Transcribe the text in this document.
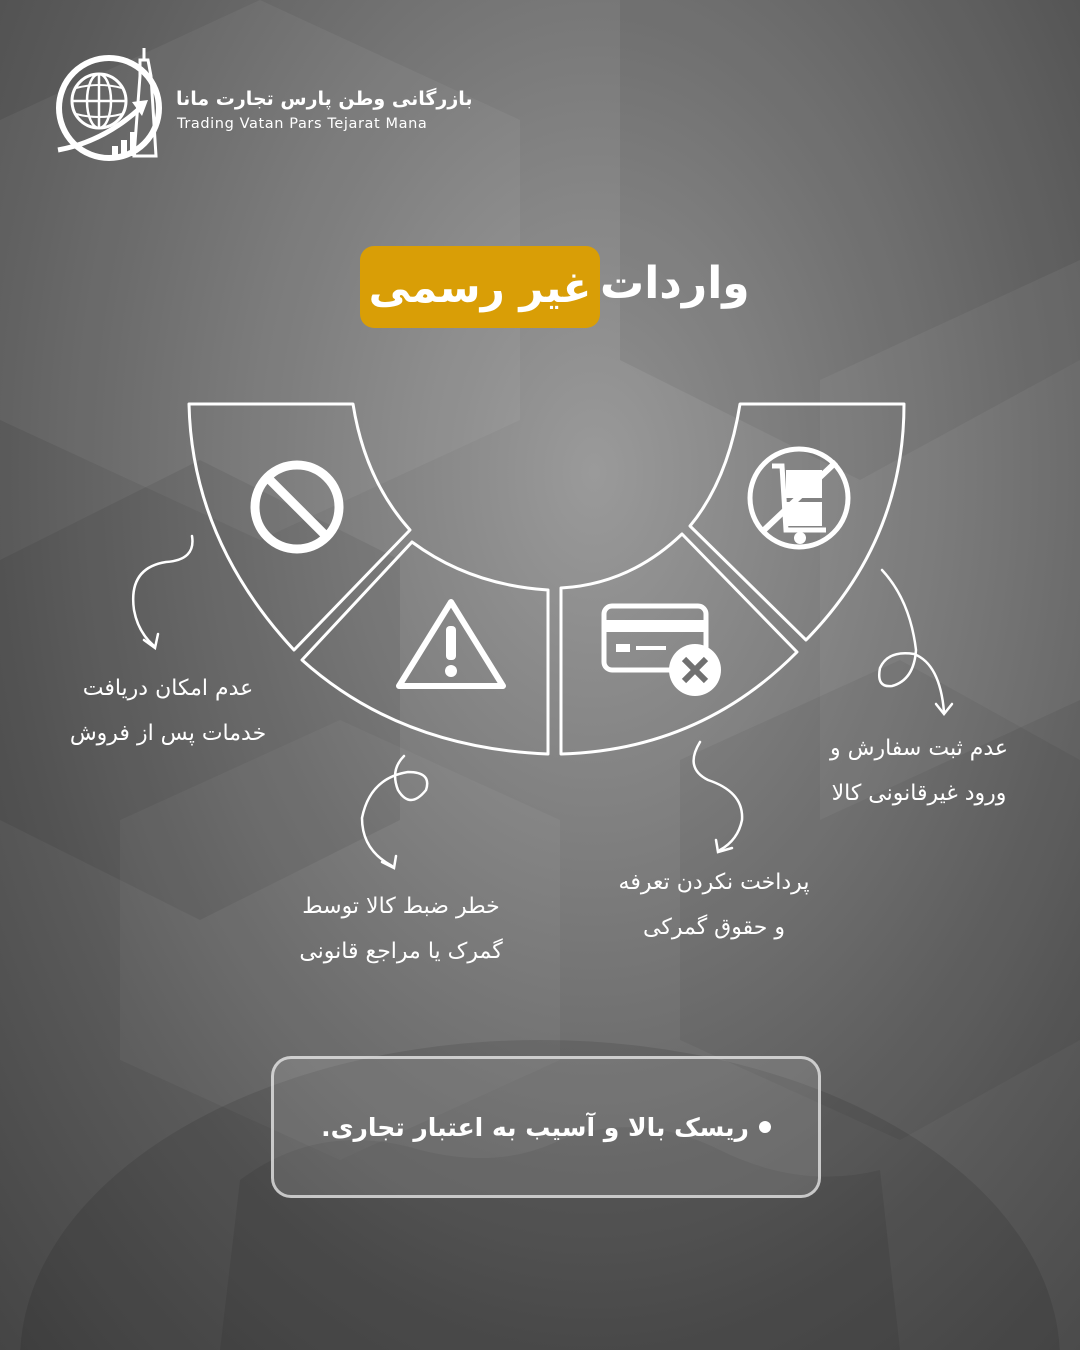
بازرگانی وطن پارس تجارت مانا
Trading Vatan Pars Tejarat Mana
واردات
غیر رسمی
عدم امکان دریافت
خدمات پس از فروش
خطر ضبط کالا توسط
گمرک یا مراجع قانونی
پرداخت نکردن تعرفه
و حقوق گمرکی
عدم ثبت سفارش و
ورود غیرقانونی کالا
ریسک بالا و آسیب به اعتبار تجاری.
